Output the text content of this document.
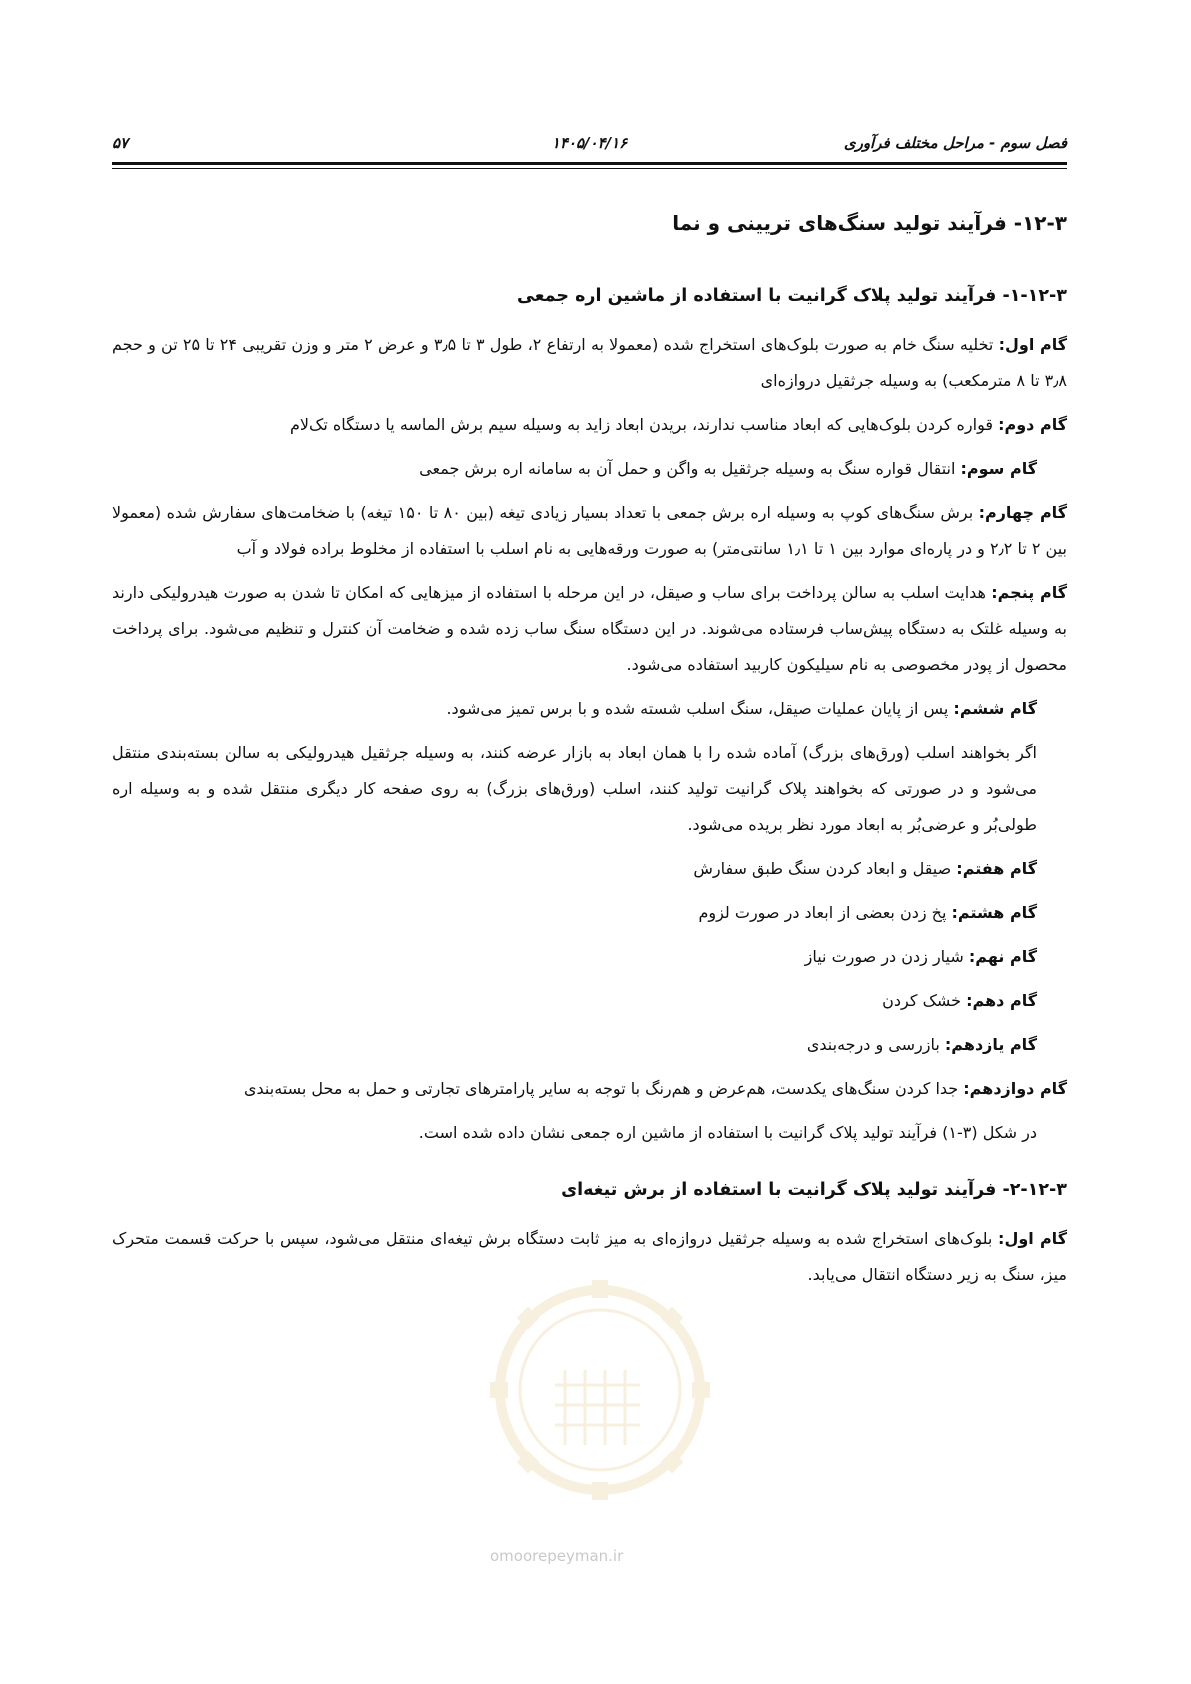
فصل سوم - مراحل مختلف فرآوری
۱۴۰۵/۰۴/۱۶
۵۷
omoorepeyman.ir
۱۲-۳- فرآیند تولید سنگ‌های تریینی و نما
۱-۱۲-۳- فرآیند تولید پلاک گرانیت با استفاده از ماشین اره جمعی

گام اول: تخلیه سنگ خام به صورت بلوک‌های استخراج شده (معمولا به ارتفاع ۲، طول ۳ تا ۳٫۵ و عرض ۲ متر و وزن تقریبی ۲۴ تا ۲۵ تن و حجم ۳٫۸ تا ۸ مترمکعب) به وسیله جرثقیل دروازه‌ای

گام دوم: قواره کردن بلوک‌هایی که ابعاد مناسب ندارند، بریدن ابعاد زاید به وسیله سیم برش الماسه یا دستگاه تک‌لام

گام سوم: انتقال قواره سنگ به وسیله جرثقیل به واگن و حمل آن به سامانه اره برش جمعی

گام چهارم: برش سنگ‌های کوپ به وسیله اره برش جمعی با تعداد بسیار زیادی تیغه (بین ۸۰ تا ۱۵۰ تیغه) با ضخامت‌های سفارش شده (معمولا بین ۲ تا ۲٫۲ و در پاره‌ای موارد بین ۱ تا ۱٫۱ سانتی‌متر) به صورت ورقه‌هایی به نام اسلب با استفاده از مخلوط براده فولاد و آب

گام پنجم: هدایت اسلب به سالن پرداخت برای ساب و صیقل، در این مرحله با استفاده از میزهایی که امکان تا شدن به صورت هیدرولیکی دارند به وسیله غلتک به دستگاه پیش‌ساب فرستاده می‌شوند. در این دستگاه سنگ ساب زده شده و ضخامت آن کنترل و تنظیم می‌شود. برای پرداخت محصول از پودر مخصوصی به نام سیلیکون کاربید استفاده می‌شود.

گام ششم: پس از پایان عملیات صیقل، سنگ اسلب شسته شده و با برس تمیز می‌شود.

اگر بخواهند اسلب (ورق‌های بزرگ) آماده شده را با همان ابعاد به بازار عرضه کنند، به وسیله جرثقیل هیدرولیکی به سالن بسته‌بندی منتقل می‌شود و در صورتی که بخواهند پلاک گرانیت تولید کنند، اسلب (ورق‌های بزرگ) به روی صفحه کار دیگری منتقل شده و به وسیله اره طولی‌بُر و عرضی‌بُر به ابعاد مورد نظر بریده می‌شود.

گام هفتم: صیقل و ابعاد کردن سنگ طبق سفارش

گام هشتم: پخ زدن بعضی از ابعاد در صورت لزوم

گام نهم: شیار زدن در صورت نیاز

گام دهم: خشک کردن

گام یازدهم: بازرسی و درجه‌بندی

گام دوازدهم: جدا کردن سنگ‌های یکدست، هم‌عرض و هم‌رنگ با توجه به سایر پارامترهای تجارتی و حمل به محل بسته‌بندی

در شکل (۳-۱) فرآیند تولید پلاک گرانیت با استفاده از ماشین اره جمعی نشان داده شده است.

۲-۱۲-۳- فرآیند تولید پلاک گرانیت با استفاده از برش تیغه‌ای

گام اول: بلوک‌های استخراج شده به وسیله جرثقیل دروازه‌ای به میز ثابت دستگاه برش تیغه‌ای منتقل می‌شود، سپس با حرکت قسمت متحرک میز، سنگ به زیر دستگاه انتقال می‌یابد.
